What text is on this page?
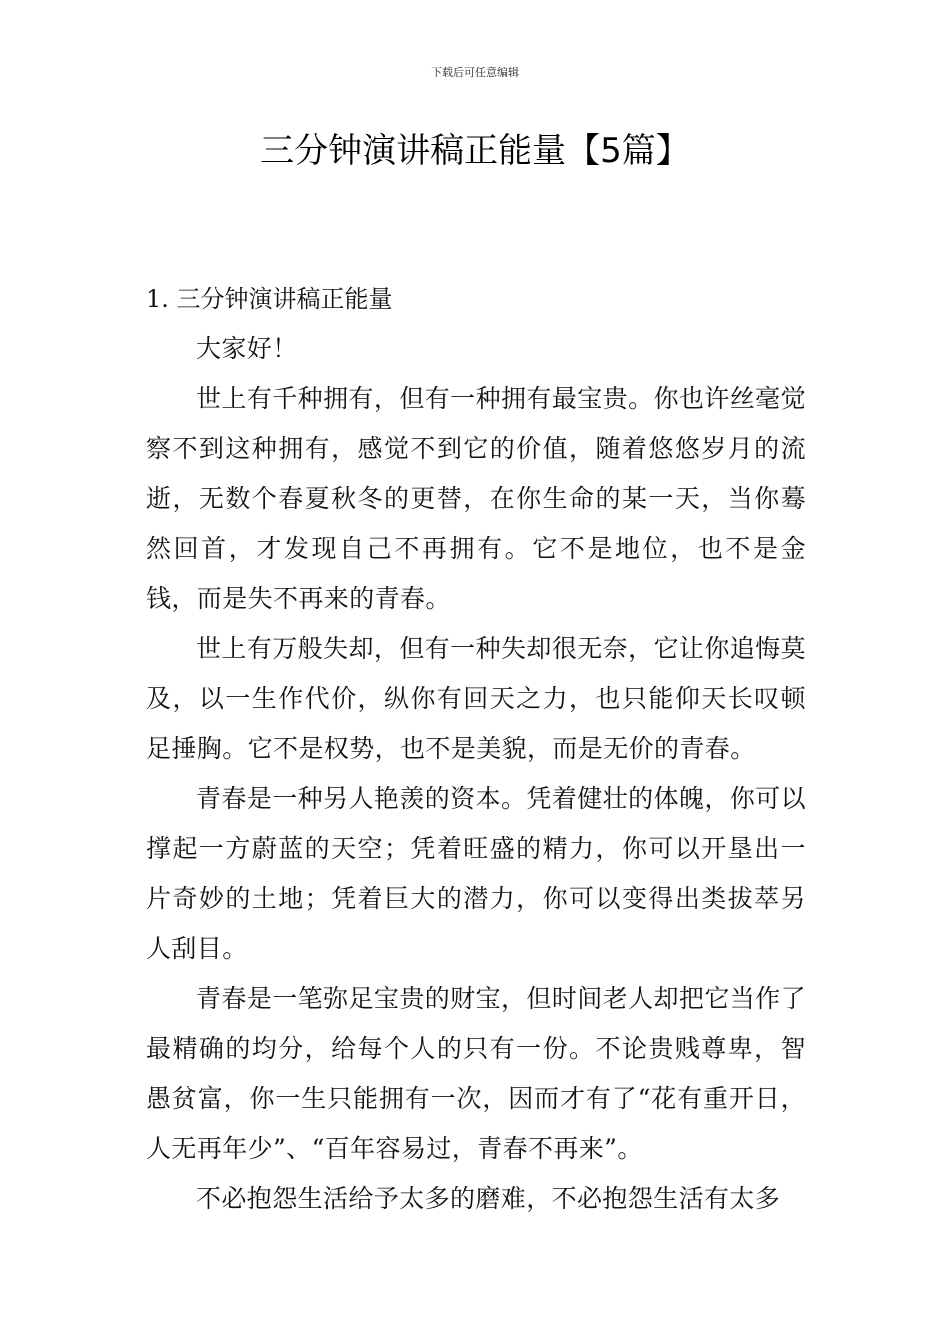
下载后可任意编辑
三分钟演讲稿正能量【5篇】

1. 三分钟演讲稿正能量

大家好！

世上有千种拥有，但有一种拥有最宝贵。你也许丝毫觉察不到这种拥有，感觉不到它的价值，随着悠悠岁月的流逝，无数个春夏秋冬的更替，在你生命的某一天，当你蓦然回首，才发现自己不再拥有。它不是地位，也不是金钱，而是失不再来的青春。

世上有万般失却，但有一种失却很无奈，它让你追悔莫及，以一生作代价，纵你有回天之力，也只能仰天长叹顿足捶胸。它不是权势，也不是美貌，而是无价的青春。

青春是一种另人艳羡的资本。凭着健壮的体魄，你可以撑起一方蔚蓝的天空；凭着旺盛的精力，你可以开垦出一片奇妙的土地；凭着巨大的潜力，你可以变得出类拔萃另人刮目。

青春是一笔弥足宝贵的财宝，但时间老人却把它当作了最精确的均分，给每个人的只有一份。不论贵贱尊卑，智愚贫富，你一生只能拥有一次，因而才有了“花有重开日，人无再年少”、“百年容易过，青春不再来”。

不必抱怨生活给予太多的磨难，不必抱怨生活有太多
